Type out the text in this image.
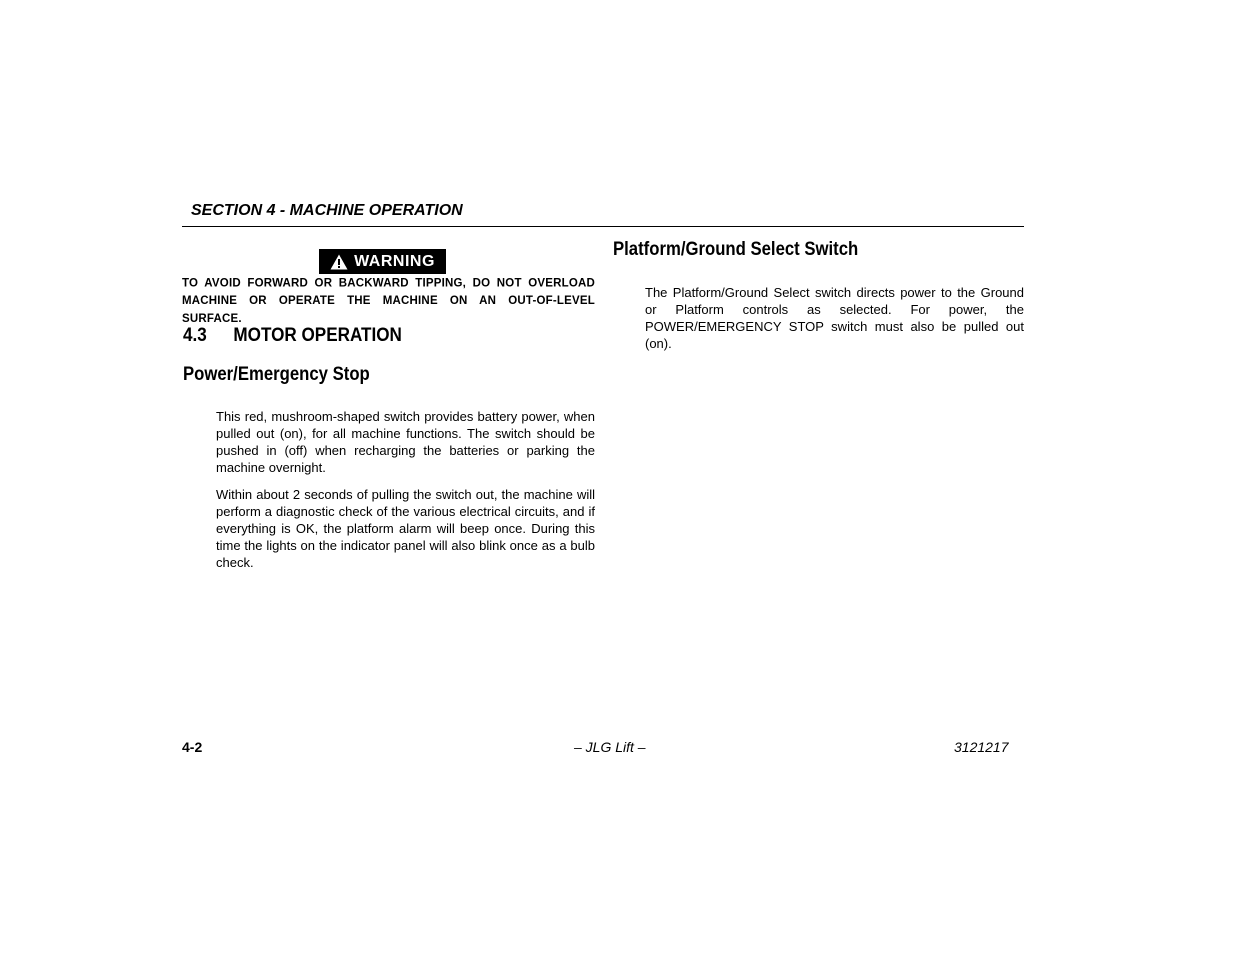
SECTION 4 - MACHINE OPERATION
WARNING
TO AVOID FORWARD OR BACKWARD TIPPING, DO NOT OVERLOAD MACHINE OR OPERATE THE MACHINE ON AN OUT-OF-LEVEL SURFACE.
4.3	MOTOR OPERATION
Power/Emergency Stop
This red, mushroom-shaped switch provides battery power, when pulled out (on), for all machine functions. The switch should be pushed in (off) when recharging the batteries or parking the machine overnight.
Within about 2 seconds of pulling the switch out, the machine will perform a diagnostic check of the various electrical circuits, and if everything is OK, the platform alarm will beep once. During this time the lights on the indicator panel will also blink once as a bulb check.
Platform/Ground Select Switch
The Platform/Ground Select switch directs power to the Ground or Platform controls as selected. For power, the POWER/EMERGENCY STOP switch must also be pulled out (on).
4-2	– JLG Lift –	3121217
